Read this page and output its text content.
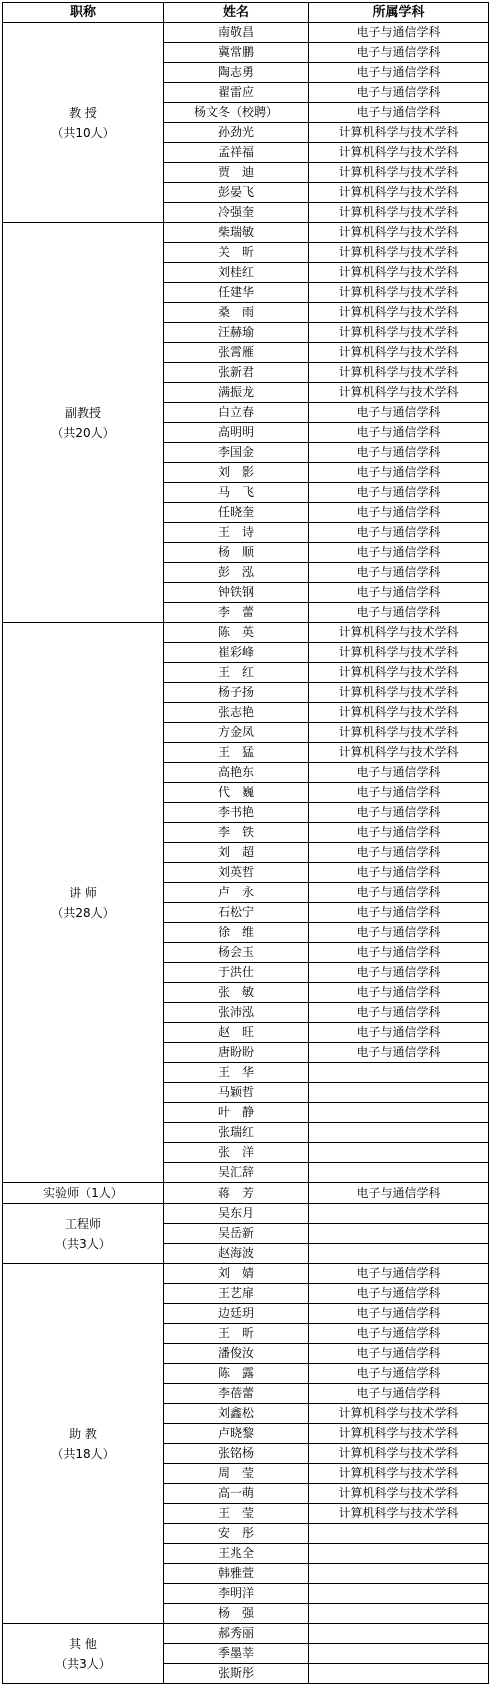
职称	姓名	所属学科

教 授
（共10人）	南敬昌	电子与通信学科
	冀常鹏	电子与通信学科
	陶志勇	电子与通信学科
	翟雷应	电子与通信学科
	杨文冬（校聘）	电子与通信学科
	孙劲光	计算机科学与技术学科
	孟祥福	计算机科学与技术学科
	贾　迪	计算机科学与技术学科
	彭晏飞	计算机科学与技术学科
	冷强奎	计算机科学与技术学科

副教授
（共20人）	柴瑞敏	计算机科学与技术学科
	关　昕	计算机科学与技术学科
	刘桂红	计算机科学与技术学科
	任建华	计算机科学与技术学科
	桑　雨	计算机科学与技术学科
	汪赫瑜	计算机科学与技术学科
	张霄雁	计算机科学与技术学科
	张新君	计算机科学与技术学科
	满振龙	计算机科学与技术学科
	白立春	电子与通信学科
	高明明	电子与通信学科
	李国金	电子与通信学科
	刘　影	电子与通信学科
	马　飞	电子与通信学科
	任晓奎	电子与通信学科
	王　诗	电子与通信学科
	杨　顺	电子与通信学科
	彭　泓	电子与通信学科
	钟铁钢	电子与通信学科
	李　蕾	电子与通信学科

讲 师
（共28人）	陈　英	计算机科学与技术学科
	崔彩峰	计算机科学与技术学科
	王　红	计算机科学与技术学科
	杨子扬	计算机科学与技术学科
	张志艳	计算机科学与技术学科
	方金凤	计算机科学与技术学科
	王　猛	计算机科学与技术学科
	高艳东	电子与通信学科
	代　巍	电子与通信学科
	李书艳	电子与通信学科
	李　铁	电子与通信学科
	刘　超	电子与通信学科
	刘英哲	电子与通信学科
	卢　永	电子与通信学科
	石松宁	电子与通信学科
	徐　维	电子与通信学科
	杨会玉	电子与通信学科
	于洪仕	电子与通信学科
	张　敏	电子与通信学科
	张沛泓	电子与通信学科
	赵　旺	电子与通信学科
	唐盼盼	电子与通信学科
	王　华	
	马颖哲	
	叶　静	
	张瑞红	
	张　洋	
	吴汇辞	

实验师（1人）	蒋　芳	电子与通信学科

工程师
（共3人）	吴东月	
	吴岳新	
	赵海波	

助 教
（共18人）	刘　婧	电子与通信学科
	王艺扉	电子与通信学科
	边廷玥	电子与通信学科
	王　昕	电子与通信学科
	潘俊汝	电子与通信学科
	陈　露	电子与通信学科
	李蓓蕾	电子与通信学科
	刘鑫松	计算机科学与技术学科
	卢晓黎	计算机科学与技术学科
	张铭杨	计算机科学与技术学科
	周　莹	计算机科学与技术学科
	高一萌	计算机科学与技术学科
	王　莹	计算机科学与技术学科
	安　彤	
	王兆全	
	韩雅萱	
	李明洋	
	杨　强	

其 他
（共3人）	郝秀丽	
	季墨莘	
	张斯彤	
